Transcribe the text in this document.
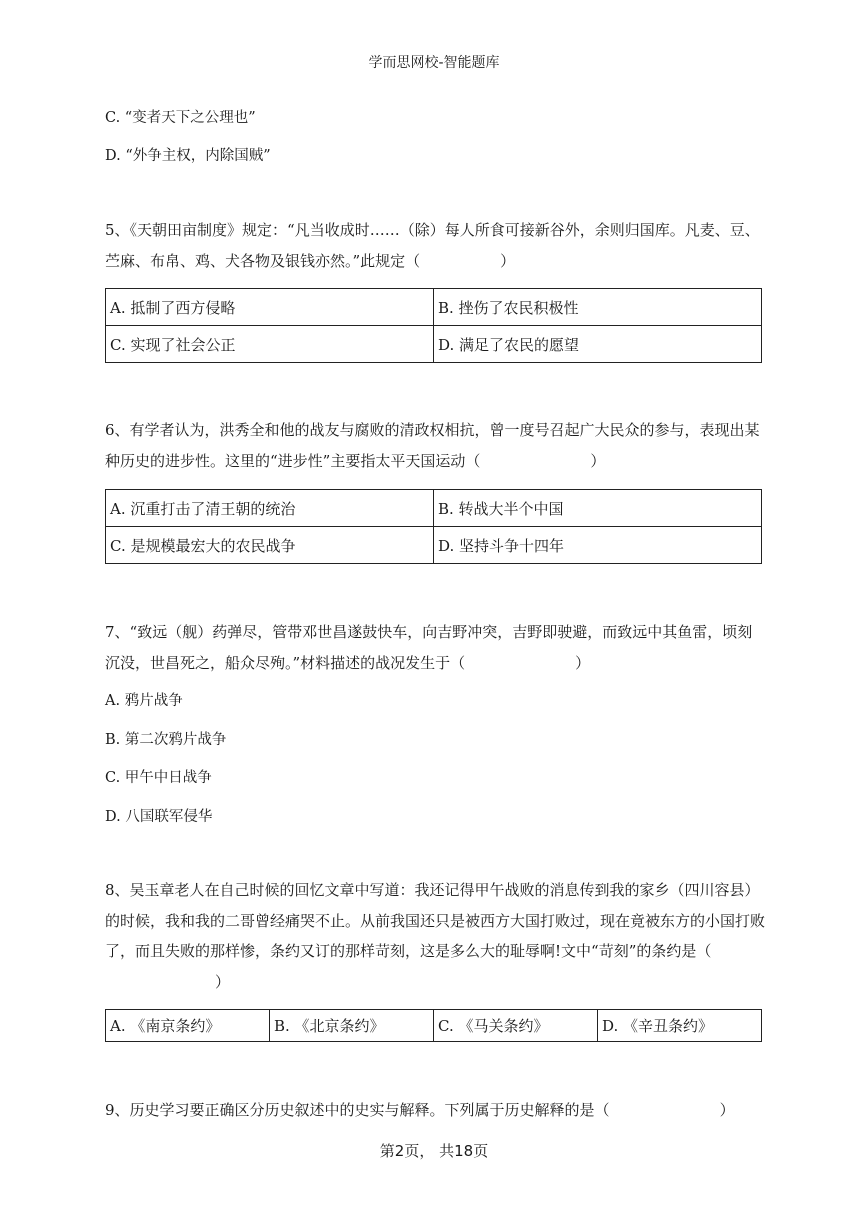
学而思网校-智能题库
C. “变者天下之公理也”
D. “外争主权，内除国贼”
5、《天朝田亩制度》规定：“凡当收成时……（除）每人所食可接新谷外，余则归国库。凡麦、豆、苎麻、布帛、鸡、犬各物及银钱亦然。”此规定（	）
A. 抵制了西方侵略	B. 挫伤了农民积极性
C. 实现了社会公正	D. 满足了农民的愿望
6、有学者认为，洪秀全和他的战友与腐败的清政权相抗，曾一度号召起广大民众的参与，表现出某种历史的进步性。这里的“进步性”主要指太平天国运动（	）
A. 沉重打击了清王朝的统治	B. 转战大半个中国
C. 是规模最宏大的农民战争	D. 坚持斗争十四年
7、“致远（舰）药弹尽，管带邓世昌遂鼓快车，向吉野冲突，吉野即驶避，而致远中其鱼雷，顷刻沉没，世昌死之，船众尽殉。”材料描述的战况发生于（	）
A. 鸦片战争
B. 第二次鸦片战争
C. 甲午中日战争
D. 八国联军侵华
8、吴玉章老人在自己时候的回忆文章中写道：我还记得甲午战败的消息传到我的家乡（四川容县）的时候，我和我的二哥曾经痛哭不止。从前我国还只是被西方大国打败过，现在竟被东方的小国打败了，而且失败的那样惨，条约又订的那样苛刻，这是多么大的耻辱啊!文中“苛刻”的条约是（）
A. 《南京条约》	B. 《北京条约》	C. 《马关条约》	D. 《辛丑条约》
9、历史学习要正确区分历史叙述中的史实与解释。下列属于历史解释的是（	）
第2页， 共18页
